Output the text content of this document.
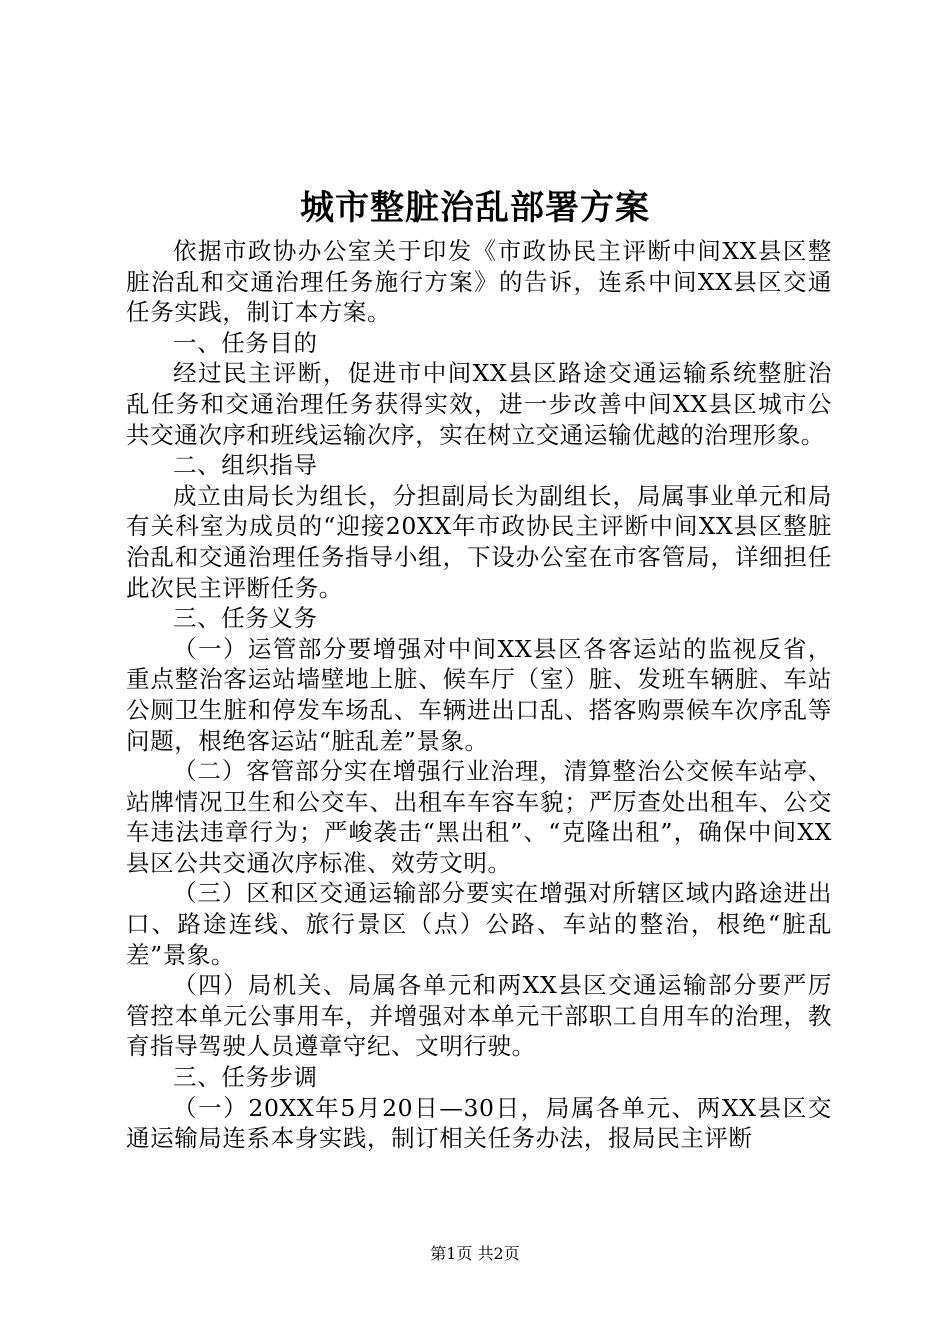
城市整脏治乱部署方案

依据市政协办公室关于印发《市政协民主评断中间XX县区整脏治乱和交通治理任务施行方案》的告诉，连系中间XX县区交通任务实践，制订本方案。

一、任务目的

经过民主评断，促进市中间XX县区路途交通运输系统整脏治乱任务和交通治理任务获得实效，进一步改善中间XX县区城市公共交通次序和班线运输次序，实在树立交通运输优越的治理形象。

二、组织指导

成立由局长为组长，分担副局长为副组长，局属事业单元和局有关科室为成员的“迎接20XX年市政协民主评断中间XX县区整脏治乱和交通治理任务指导小组，下设办公室在市客管局，详细担任此次民主评断任务。

三、任务义务

（一）运管部分要增强对中间XX县区各客运站的监视反省，重点整治客运站墙壁地上脏、候车厅（室）脏、发班车辆脏、车站公厕卫生脏和停发车场乱、车辆进出口乱、搭客购票候车次序乱等问题，根绝客运站“脏乱差”景象。

（二）客管部分实在增强行业治理，清算整治公交候车站亭、站牌情况卫生和公交车、出租车车容车貌；严厉查处出租车、公交车违法违章行为；严峻袭击“黑出租”、“克隆出租”，确保中间XX县区公共交通次序标准、效劳文明。

（三）区和区交通运输部分要实在增强对所辖区域内路途进出口、路途连线、旅行景区（点）公路、车站的整治，根绝“脏乱差”景象。

（四）局机关、局属各单元和两XX县区交通运输部分要严厉管控本单元公事用车，并增强对本单元干部职工自用车的治理，教育指导驾驶人员遵章守纪、文明行驶。

三、任务步调

（一）20XX年5月20日—30日，局属各单元、两XX县区交通运输局连系本身实践，制订相关任务办法，报局民主评断

第1页 共2页
